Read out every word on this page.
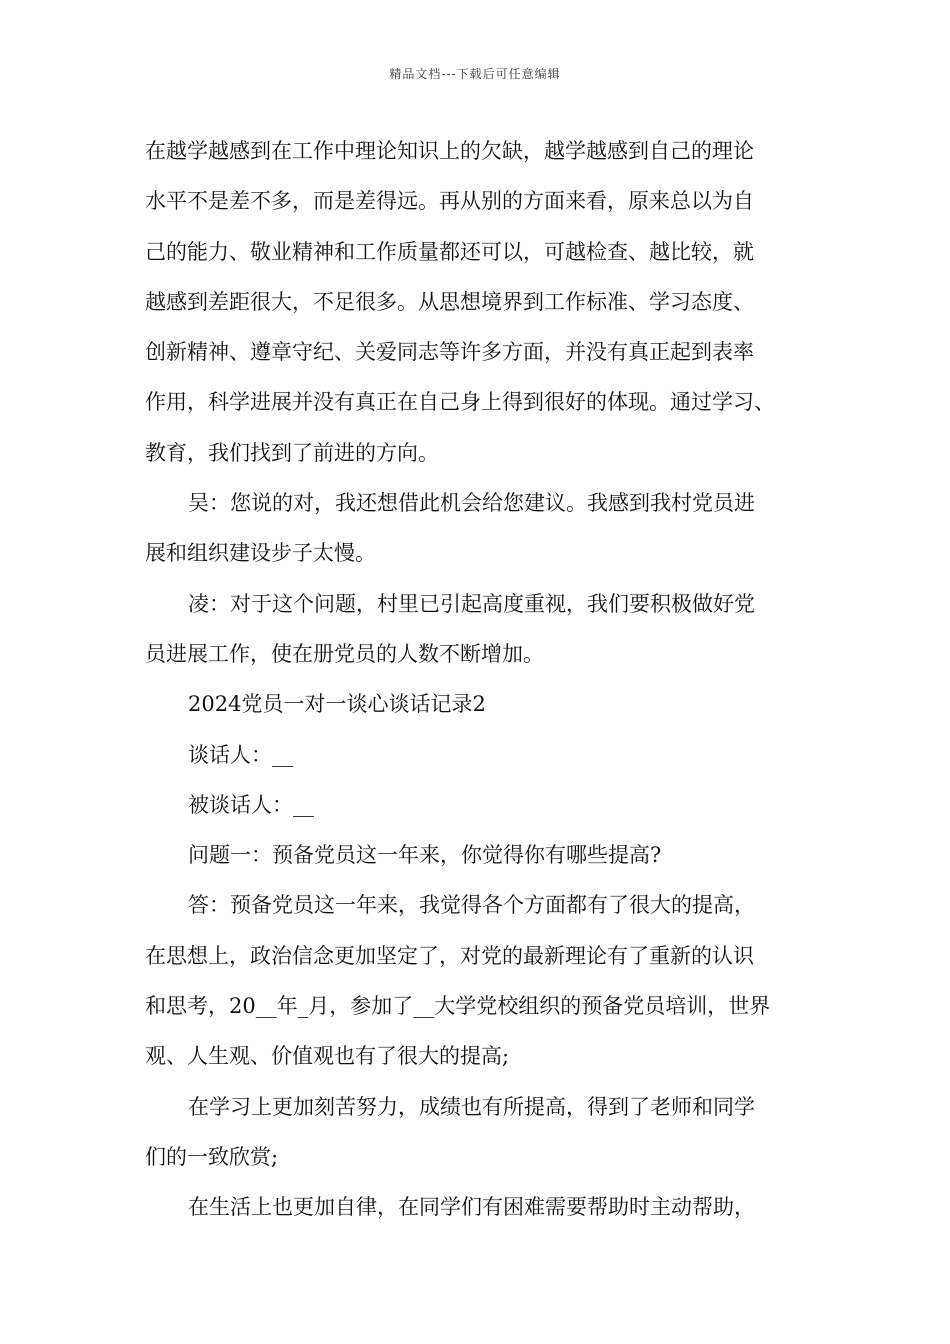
精品文档---下载后可任意编辑
在越学越感到在工作中理论知识上的欠缺，越学越感到自己的理论
水平不是差不多，而是差得远。再从别的方面来看，原来总以为自
己的能力、敬业精神和工作质量都还可以，可越检查、越比较，就
越感到差距很大，不足很多。从思想境界到工作标准、学习态度、
创新精神、遵章守纪、关爱同志等许多方面，并没有真正起到表率
作用，科学进展并没有真正在自己身上得到很好的体现。通过学习、
教育，我们找到了前进的方向。
吴：您说的对，我还想借此机会给您建议。我感到我村党员进
展和组织建设步子太慢。
凌：对于这个问题，村里已引起高度重视，我们要积极做好党
员进展工作，使在册党员的人数不断增加。
2024党员一对一谈心谈话记录2
谈话人：__
被谈话人：__
问题一：预备党员这一年来，你觉得你有哪些提高?
答：预备党员这一年来，我觉得各个方面都有了很大的提高，
在思想上，政治信念更加坚定了，对党的最新理论有了重新的认识
和思考，20__年_月，参加了__大学党校组织的预备党员培训，世界
观、人生观、价值观也有了很大的提高;
在学习上更加刻苦努力，成绩也有所提高，得到了老师和同学
们的一致欣赏;
在生活上也更加自律，在同学们有困难需要帮助时主动帮助，
